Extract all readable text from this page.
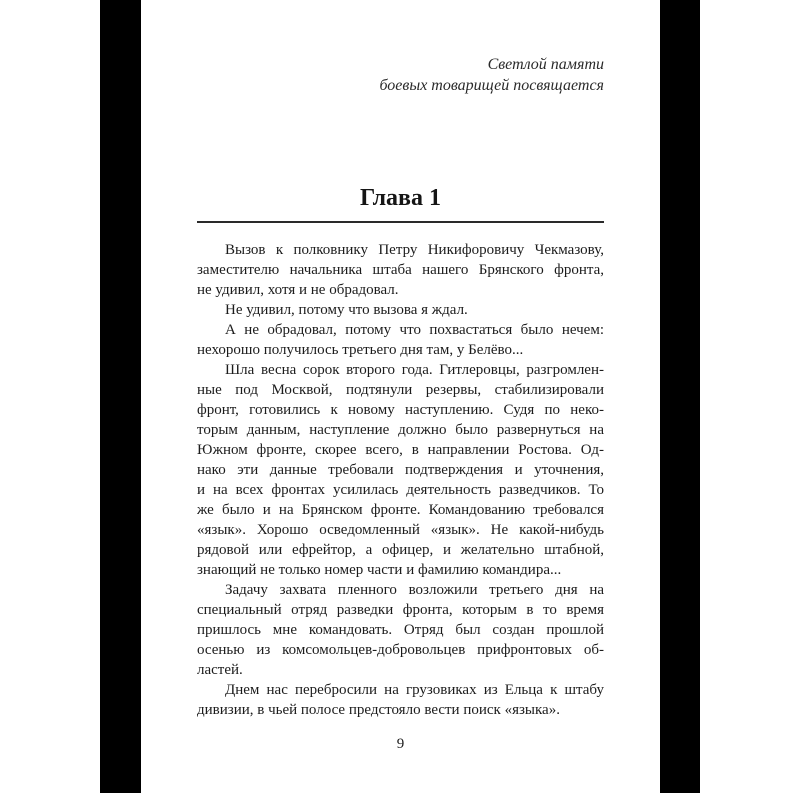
Светлой памяти
боевых товарищей посвящается
Глава 1
Вызов к полковнику Петру Никифоровичу Чекмазову,
заместителю начальника штаба нашего Брянского фронта,
не удивил, хотя и не обрадовал.
Не удивил, потому что вызова я ждал.
А не обрадовал, потому что похвастаться было нечем:
нехорошо получилось третьего дня там, у Белёво...
Шла весна сорок второго года. Гитлеровцы, разгромлен-
ные под Москвой, подтянули резервы, стабилизировали
фронт, готовились к новому наступлению. Судя по неко-
торым данным, наступление должно было развернуться на
Южном фронте, скорее всего, в направлении Ростова. Од-
нако эти данные требовали подтверждения и уточнения,
и на всех фронтах усилилась деятельность разведчиков. То
же было и на Брянском фронте. Командованию требовался
«язык». Хорошо осведомленный «язык». Не какой-нибудь
рядовой или ефрейтор, а офицер, и желательно штабной,
знающий не только номер части и фамилию командира...
Задачу захвата пленного возложили третьего дня на
специальный отряд разведки фронта, которым в то время
пришлось мне командовать. Отряд был создан прошлой
осенью из комсомольцев-добровольцев прифронтовых об-
ластей.
Днем нас перебросили на грузовиках из Ельца к штабу
дивизии, в чьей полосе предстояло вести поиск «языка».
9
